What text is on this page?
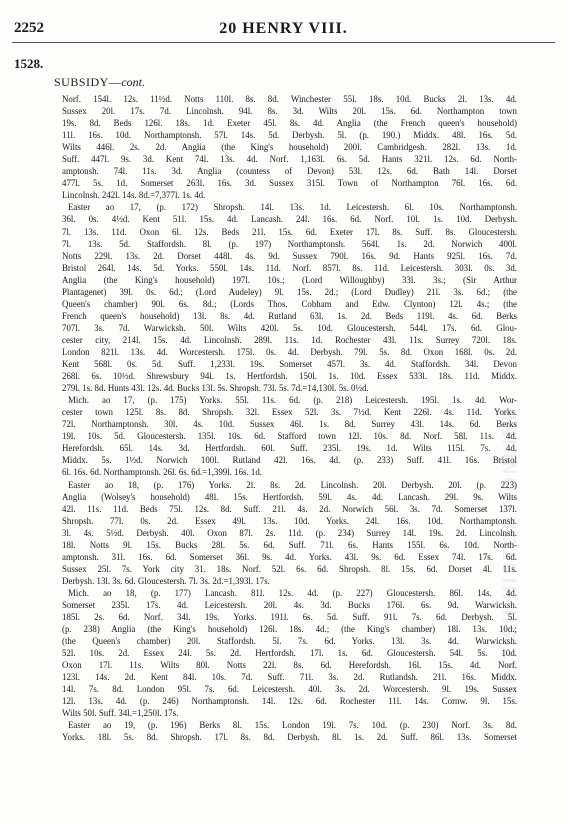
2252	20 HENRY VIII.
1528.
SUBSIDY—cont.
BRITISH HISTORY ONLINE
Norf. 154l. 12s. 11½d. Notts 110l. 8s. 8d. Winchester 55l. 18s. 10d. Bucks 2l. 13s. 4d.
Sussex 20l. 17s. 7d. Lincolnsh. 94l. 8s. 3d. Wilts 20l. 15s. 6d. Northampton town
19s. 8d. Beds 126l. 18s. 1d. Exeter 45l. 8s. 4d. Anglia (the French queen's household)
11l. 16s. 10d. Northamptonsh. 57l. 14s. 5d. Derbysh. 5l. (p. 190.) Middx. 48l. 16s. 5d.
Wilts 446l. 2s. 2d. Anglia (the King's household) 200l. Cambridgesh. 282l. 13s. 1d.
Suff. 447l. 9s. 3d. Kent 74l. 13s. 4d. Norf. 1,163l. 6s. 5d. Hants 321l. 12s. 6d. North-
amptonsh. 74l. 11s. 3d. Anglia (countess of Devon) 53l. 12s. 6d. Bath 14l. Dorset
477l. 5s. 1d. Somerset 263l. 16s. 3d. Sussex 315l. Town of Northampton 76l. 16s. 6d.
Lincolnsh. 242l. 14s. 8d.=7,377l. 1s. 4d.
Easter ao 17, (p. 172) Shropsh. 14l. 13s. 1d. Leicestersh. 6l. 10s. Northamptonsh.
36l. 0s. 4½d. Kent 51l. 15s. 4d. Lancash. 24l. 16s. 6d. Norf. 10l. 1s. 10d. Derbysh.
7l. 13s. 11d. Oxon 6l. 12s. Beds 21l. 15s. 6d. Exeter 17l. 8s. Suff. 8s. Gloucestersh.
7l. 13s. 5d. Staffordsh. 8l. (p. 197) Northamptonsh. 564l. 1s. 2d. Norwich 400l.
Notts 229l. 13s. 2d. Dorset 448l. 4s. 9d. Sussex 790l. 16s. 9d. Hants 925l. 16s. 7d.
Bristol 264l. 14s. 5d. Yorks. 550l. 14s. 11d. Norf. 857l. 8s. 11d. Leicestersh. 303l. 0s. 3d.
Anglia (the King's household) 197l. 10s.; (Lord Willoughby) 33l. 3s.; (Sir Arthur
Plantagenet) 39l. 0s. 6d.; (Lord Audeley) 9l. 15s. 2d.; (Lord Dudley) 21l. 3s. 6d.; (the
Queen's chamber) 90l. 6s. 8d.; (Lords Thos. Cobham and Edw. Clynton) 12l. 4s.; (the
French queen's household) 13l. 8s. 4d. Rutland 63l. 1s. 2d. Beds 119l. 4s. 6d. Berks
707l. 3s. 7d. Warwicksh. 50l. Wilts 420l. 5s. 10d. Gloucestersh. 544l. 17s. 6d. Glou-
cester city, 214l. 15s. 4d. Lincolnsh. 289l. 11s. 1d. Rochester 43l. 11s. Surrey 720l. 18s.
London 821l. 13s. 4d. Worcestersh. 175l. 0s. 4d. Derbysh. 79l. 5s. 8d. Oxon 168l. 0s. 2d.
Kent 568l. 0s. 5d. Suff. 1,233l. 19s. Somerset 457l. 3s. 4d. Staffordsh. 34l. Devon
268l. 6s. 10½d. Shrewsbury 94l. 1s. Hertfordsh. 150l. 1s. 10d. Essex 533l. 18s. 11d. Middx.
279l. 1s. 8d. Hunts 43l. 12s. 4d. Bucks 13l. 5s. Shropsh. 73l. 5s. 7d.=14,130l. 5s. 0½d.
Mich. ao 17, (p. 175) Yorks. 55l. 11s. 6d. (p. 218) Leicestersh. 195l. 1s. 4d. Wor-
cester town 125l. 8s. 8d. Shropsh. 32l. Essex 52l. 3s. 7½d. Kent 226l. 4s. 11d. Yorks.
72l. Northamptonsh. 30l. 4s. 10d. Sussex 46l. 1s. 8d. Surrey 43l. 14s. 6d. Berks
19l. 10s. 5d. Gloucestersh. 135l. 10s. 6d. Stafford town 12l. 10s. 8d. Norf. 58l. 11s. 4d.
Herefordsh. 65l. 14s. 3d. Hertfordsh. 60l. Suff. 235l. 19s. 1d. Wilts 115l. 7s. 4d.
Middx. 5s. 1½d. Norwich 100l. Rutland 42l. 16s. 4d. (p. 233) Suff. 41l. 16s. Bristol
6l. 16s. 6d. Northamptonsh. 26l. 6s. 6d.=1,399l. 16s. 1d.
Easter ao 18, (p. 176) Yorks. 2l. 8s. 2d. Lincolnsh. 20l. Derbysh. 20l. (p. 223)
Anglia (Wolsey's household) 48l. 15s. Hertfordsh. 59l. 4s. 4d. Lancash. 29l. 9s. Wilts
42l. 11s. 11d. Beds 75l. 12s. 8d. Suff. 21l. 4s. 2d. Norwich 56l. 3s. 7d. Somerset 137l.
Shropsh. 77l. 0s. 2d. Essex 49l. 13s. 10d. Yorks. 24l. 16s. 10d. Northamptonsh.
3l. 4s. 5½d. Derbysh. 40l. Oxon 87l. 2s. 11d. (p. 234) Surrey 14l. 19s. 2d. Lincolnsh.
18l. Notts 9l. 15s. Bucks 28l. 5s. 6d. Suff. 71l. 6s. Hants 155l. 6s. 10d. North-
amptonsh. 31l. 16s. 6d. Somerset 36l. 9s. 4d. Yorks. 43l. 9s. 6d. Essex 74l. 17s. 6d.
Sussex 25l. 7s. York city 31. 18s. Norf. 52l. 6s. 6d. Shropsh. 8l. 15s. 6d. Dorset 4l. 11s.
Derbysh. 13l. 3s. 6d. Gloucestersh. 7l. 3s. 2d.=1,393l. 17s.
Mich. ao 18, (p. 177) Lancash. 81l. 12s. 4d. (p. 227) Gloucestersh. 86l. 14s. 4d.
Somerset 235l. 17s. 4d. Leicestersh. 20l. 4s. 3d. Bucks 176l. 6s. 9d. Warwicksh.
185l. 2s. 6d. Norf. 34l. 19s. Yorks. 191l. 6s. 5d. Suff. 91l. 7s. 6d. Derbysh. 5l.
(p. 238) Anglia (the King's household) 126l. 18s. 4d.; (the King's chamber) 18l. 13s. 10d.;
(the Queen's chamber) 20l. Staffordsh. 5l. 7s. 6d. Yorks. 13l. 3s. 4d. Warwicksh.
52l. 10s. 2d. Essex 24l. 5s. 2d. Hertfordsh. 17l. 1s. 6d. Gloucestersh. 54l. 5s. 10d.
Oxon 17l. 11s. Wilts 80l. Notts 22l. 8s. 6d. Herefordsh. 16l. 15s. 4d. Norf.
123l. 14s. 2d. Kent 84l. 10s. 7d. Suff. 71l. 3s. 2d. Rutlandsh. 21l. 16s. Middx.
14l. 7s. 8d. London 95l. 7s. 6d. Leicestersh. 40l. 3s. 2d. Worcestersh. 9l. 19s. Sussex
12l. 13s. 4d. (p. 246) Northamptonsh. 14l. 12s. 6d. Rochester 11l. 14s. Cornw. 9l. 15s.
Wilts 50l. Suff. 34l.=1,250l. 17s.
Easter ao 19, (p. 196) Berks 8l. 15s. London 19l. 7s. 10d. (p. 230) Norf. 3s. 8d.
Yorks. 18l. 5s. 8d. Shropsh. 17l. 8s. 8d. Derbysh. 8l. 1s. 2d. Suff. 86l. 13s. Somerset
